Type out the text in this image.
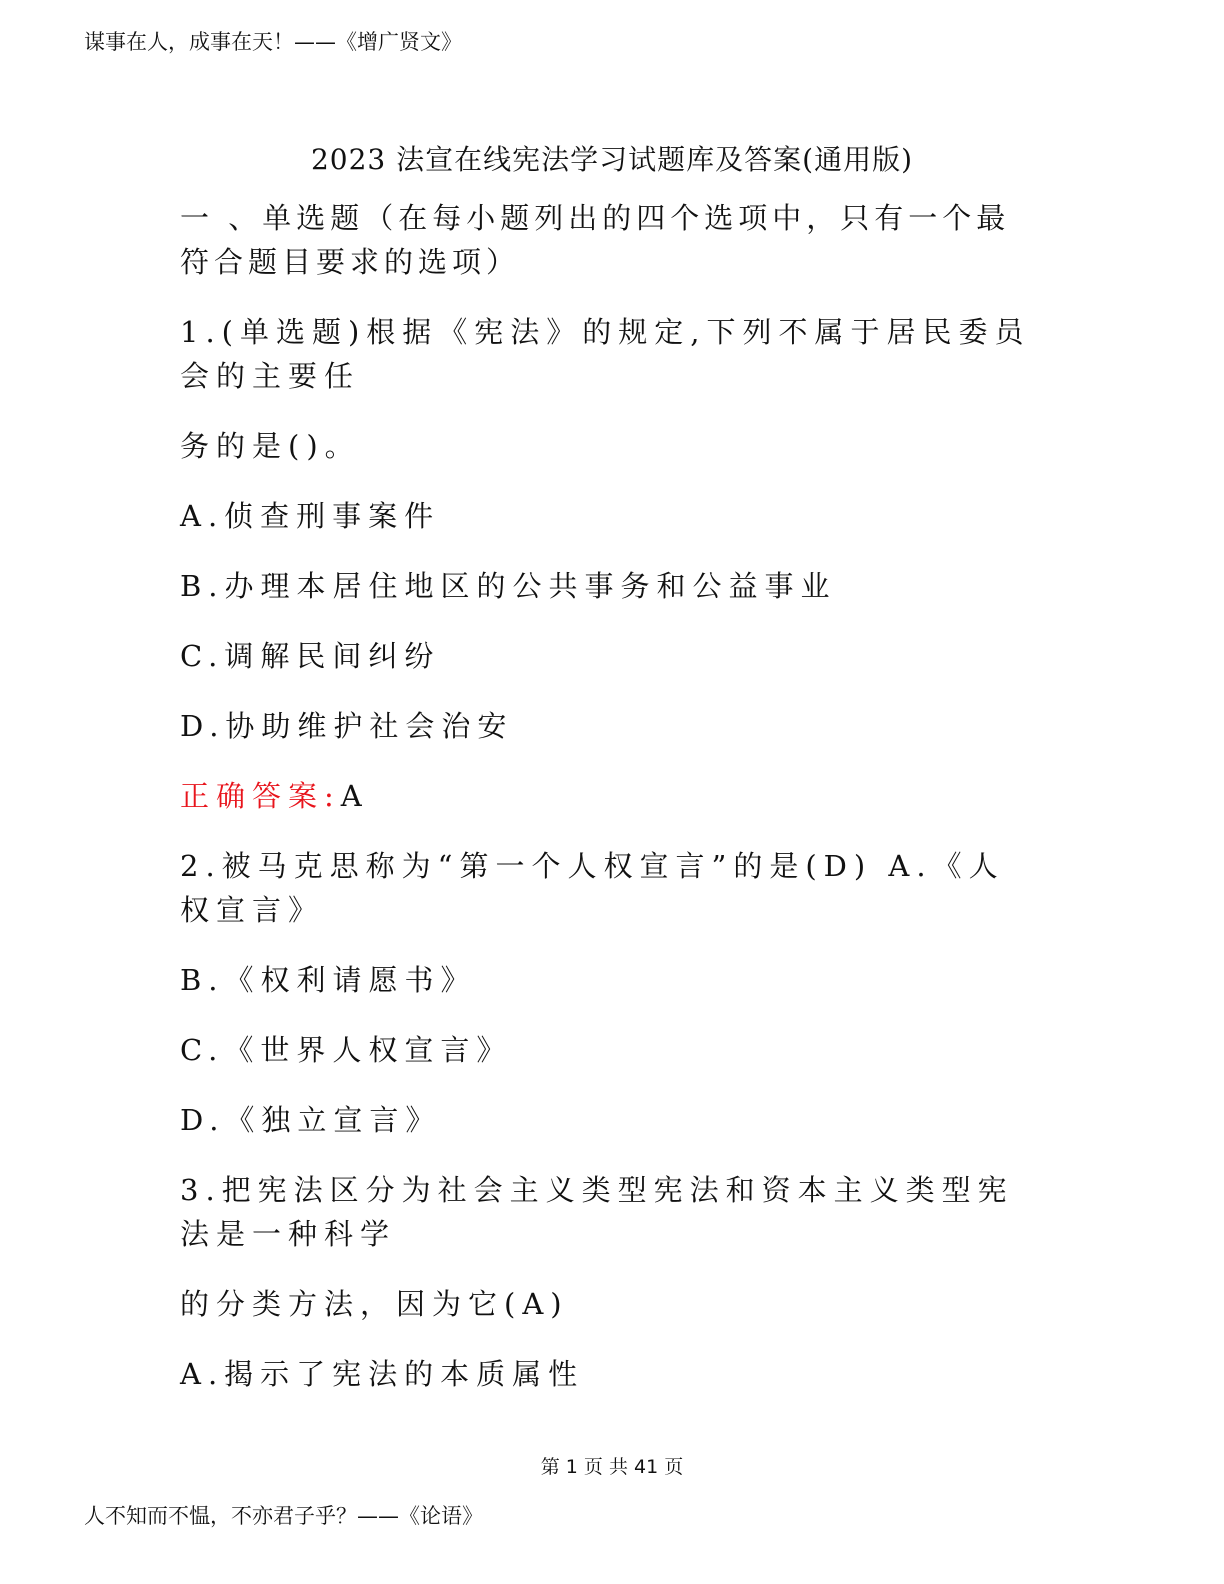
谋事在人，成事在天！——《增广贤文》
2023 法宣在线宪法学习试题库及答案(通用版)

一 、单选题（在每小题列出的四个选项中，只有一个最符合题目要求的选项）

1.(单选题)根据《宪法》的规定,下列不属于居民委员会的主要任

务的是()。

A.侦查刑事案件

B.办理本居住地区的公共事务和公益事业

C.调解民间纠纷

D.协助维护社会治安

正确答案:A

2.被马克思称为“第一个人权宣言”的是(D) A.《人权宣言》

B.《权利请愿书》

C.《世界人权宣言》

D.《独立宣言》

3.把宪法区分为社会主义类型宪法和资本主义类型宪法是一种科学

的分类方法，因为它(A)

A.揭示了宪法的本质属性

第 1 页 共 41 页
人不知而不愠，不亦君子乎？——《论语》
